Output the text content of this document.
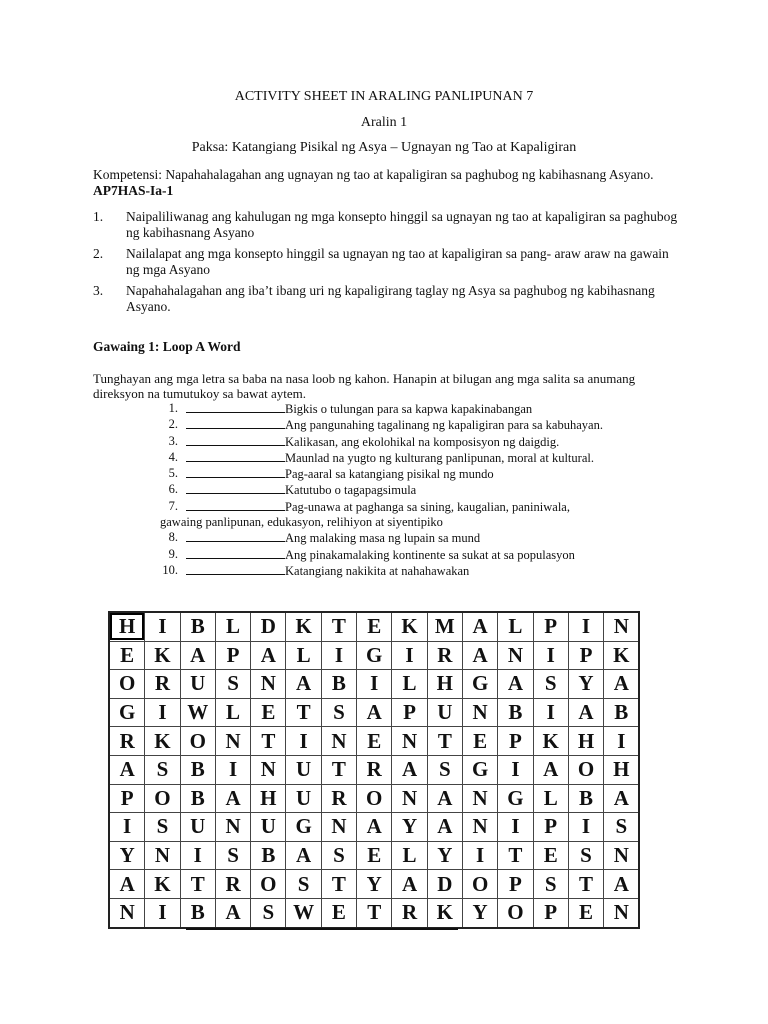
ACTIVITY SHEET IN ARALING PANLIPUNAN 7
Aralin 1
Paksa: Katangiang Pisikal ng Asya – Ugnayan ng Tao at Kapaligiran
Kompetensi: Napahahalagahan ang ugnayan ng tao at kapaligiran sa paghubog ng kabihasnang Asyano. AP7HAS-Ia-1
1. Naipaliliwanag ang kahulugan ng mga konsepto hinggil sa ugnayan ng tao at kapaligiran sa paghubog ng kabihasnang Asyano
2. Nailalapat ang mga konsepto hinggil sa ugnayan ng tao at kapaligiran sa pang- araw araw na gawain ng mga Asyano
3. Napahahalagahan ang iba’t ibang uri ng kapaligirang taglay ng Asya sa paghubog ng kabihasnang Asyano.
Gawaing 1: Loop A Word
Tunghayan ang mga letra sa baba na nasa loob ng kahon. Hanapin at bilugan ang mga salita sa anumang direksyon na tumutukoy sa bawat aytem.
1.	Bigkis o tulungan para sa kapwa kapakinabangan
2.	Ang pangunahing tagalinang ng kapaligiran para sa kabuhayan.
3.	Kalikasan, ang ekolohikal na komposisyon ng daigdig.
4.	Maunlad na yugto ng kulturang panlipunan, moral at kultural.
5.	Pag-aaral sa katangiang pisikal ng mundo
6.	Katutubo o tagapagsimula
7.	Pag-unawa at paghanga sa sining, kaugalian, paniniwala,
gawaing panlipunan, edukasyon, relihiyon at siyentipiko
8.	Ang malaking masa ng lupain sa mund
9.	Ang pinakamalaking kontinente sa sukat at sa populasyon
10.	Katangiang nakikita at nahahawakan
H	I	B	L	D	K	T	E	K	M	A	L	P	I	N
E	K	A	P	A	L	I	G	I	R	A	N	I	P	K
O	R	U	S	N	A	B	I	L	H	G	A	S	Y	A
G	I	W	L	E	T	S	A	P	U	N	B	I	A	B
R	K	O	N	T	I	N	E	N	T	E	P	K	H	I
A	S	B	I	N	U	T	R	A	S	G	I	A	O	H
P	O	B	A	H	U	R	O	N	A	N	G	L	B	A
I	S	U	N	U	G	N	A	Y	A	N	I	P	I	S
Y	N	I	S	B	A	S	E	L	Y	I	T	E	S	N
A	K	T	R	O	S	T	Y	A	D	O	P	S	T	A
N	I	B	A	S	W	E	T	R	K	Y	O	P	E	N
